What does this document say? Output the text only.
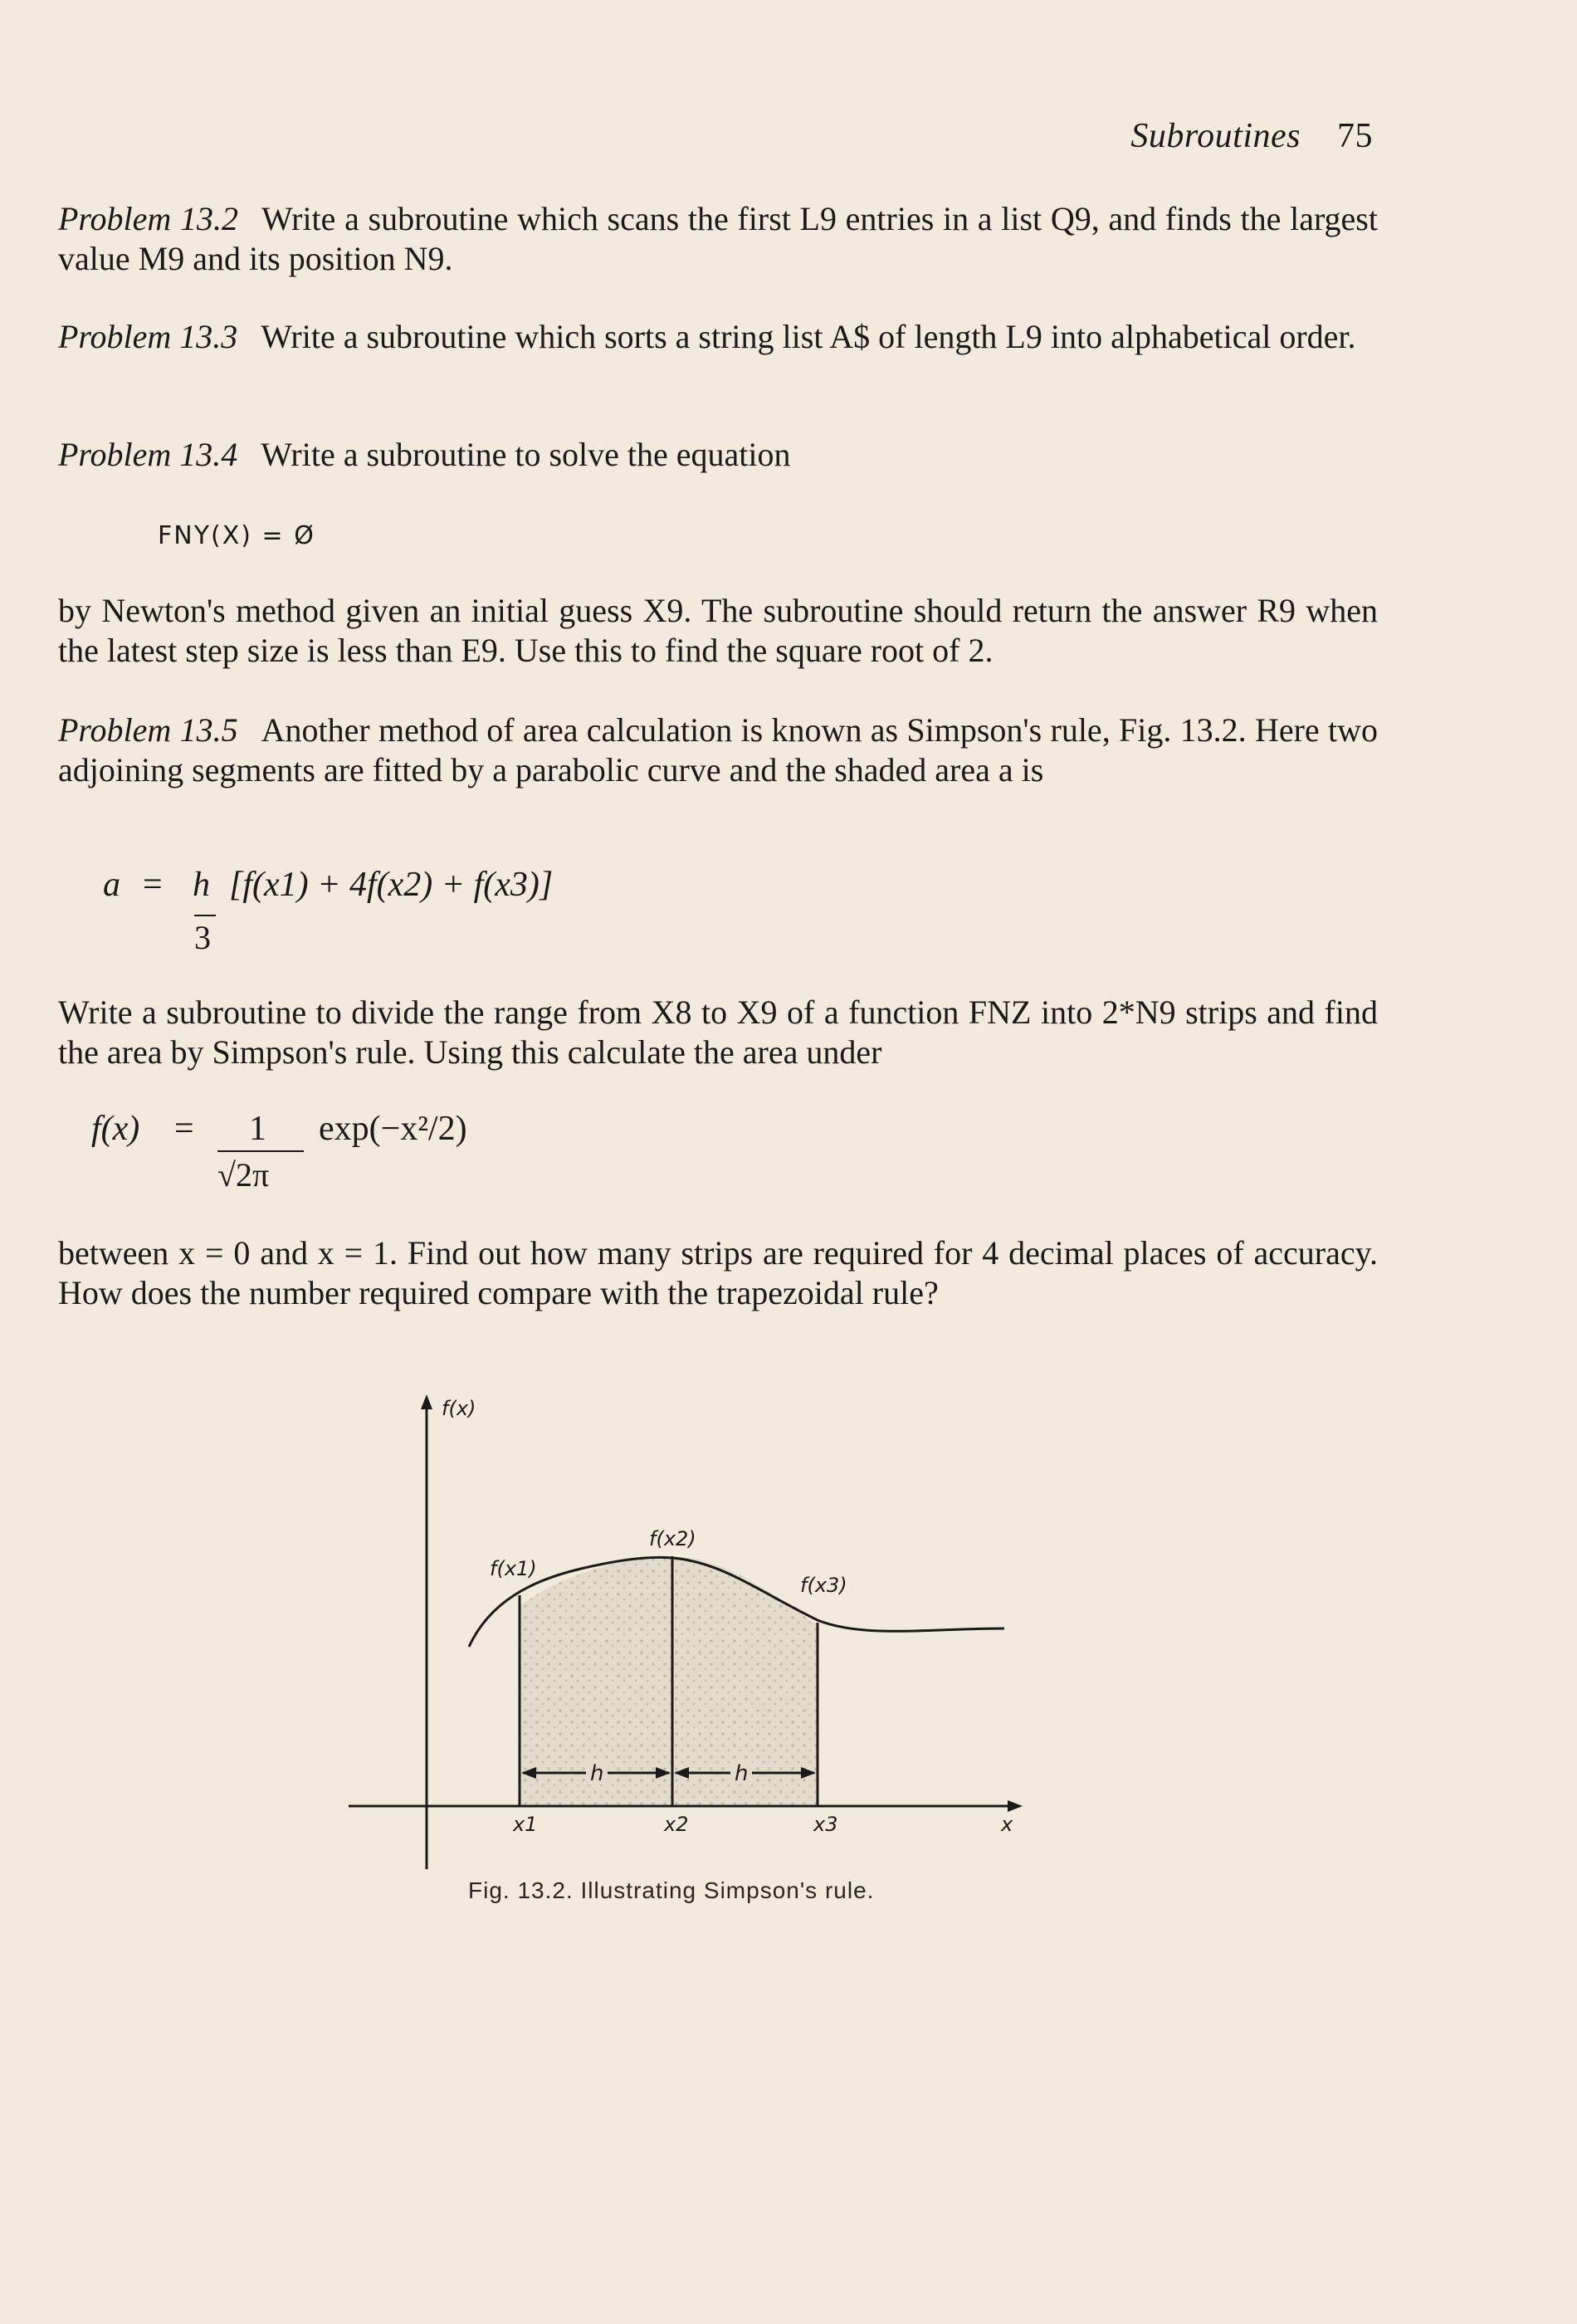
Subroutines 75

Problem 13.2 Write a subroutine which scans the first L9 entries in a list Q9, and finds the largest value M9 and its position N9.

Problem 13.3 Write a subroutine which sorts a string list A$ of length L9 into alphabetical order.

Problem 13.4 Write a subroutine to solve the equation

FNY(X) = Ø

by Newton's method given an initial guess X9. The subroutine should return the answer R9 when the latest step size is less than E9. Use this to find the square root of 2.

Problem 13.5 Another method of area calculation is known as Simpson's rule, Fig. 13.2. Here two adjoining segments are fitted by a parabolic curve and the shaded area a is

a = h
3
[f(x1) + 4f(x2) + f(x3)]

Write a subroutine to divide the range from X8 to X9 of a function FNZ into 2*N9 strips and find the area by Simpson's rule. Using this calculate the area under

f(x) = 1
√2π
exp(−x²/2)

between x = 0 and x = 1. Find out how many strips are required for 4 decimal places of accuracy. How does the number required compare with the trapezoidal rule?

f(x)
x
f(x1)
f(x2)
f(x3)
x1	x2	x3
h	h
Fig. 13.2. Illustrating Simpson's rule.
